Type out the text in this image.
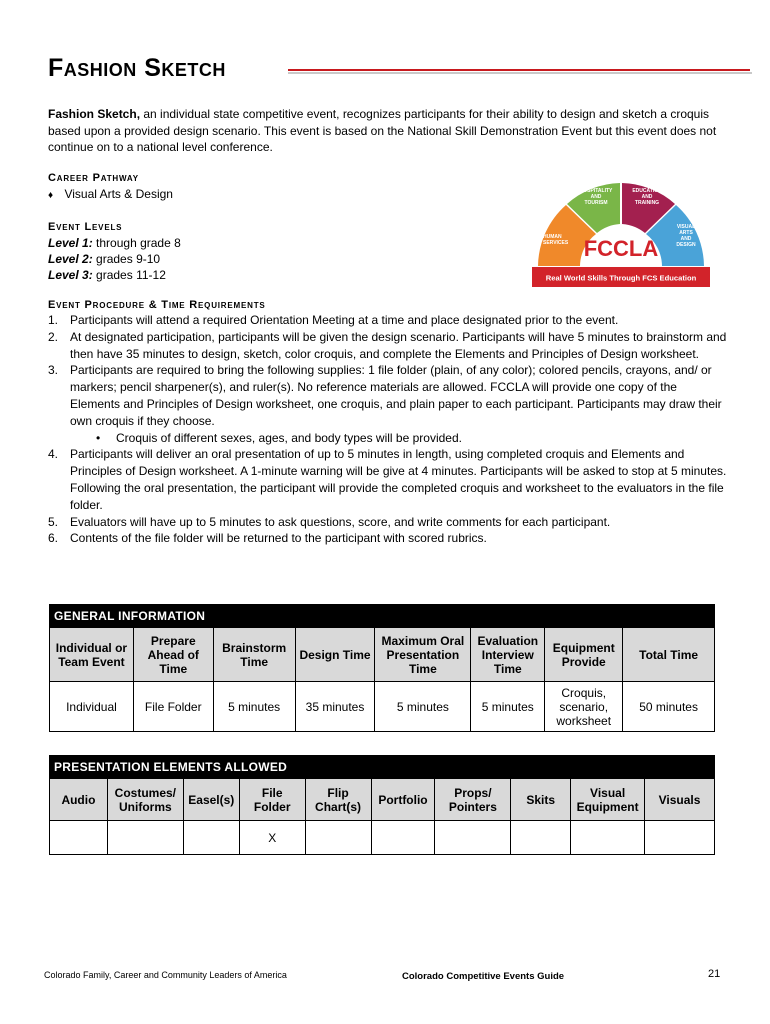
Fashion Sketch

Fashion Sketch, an individual state competitive event, recognizes participants for their ability to design and sketch a croquis based upon a provided design scenario. This event is based on the National Skill Demonstration Event but this event does not continue on to a national level conference.

Career Pathway
♦ Visual Arts & Design
Event Levels
Level 1: through grade 8
Level 2: grades 9-10
Level 3: grades 11-12
HUMAN SERVICES
HOSPITALITY AND TOURISM
EDUCATION AND TRAINING
VISUAL ARTS AND DESIGN
FCCLA
Real World Skills Through FCS Education
Event Procedure & Time Requirements
1. Participants will attend a required Orientation Meeting at a time and place designated prior to the event.
2. At designated participation, participants will be given the design scenario. Participants will have 5 minutes to brainstorm and then have 35 minutes to design, sketch, color croquis, and complete the Elements and Principles of Design worksheet.
3. Participants are required to bring the following supplies: 1 file folder (plain, of any color); colored pencils, crayons, and/ or markers; pencil sharpener(s), and ruler(s). No reference materials are allowed. FCCLA will provide one copy of the Elements and Principles of Design worksheet, one croquis, and plain paper to each participant. Participants may draw their own croquis if they choose.
• Croquis of different sexes, ages, and body types will be provided.
4. Participants will deliver an oral presentation of up to 5 minutes in length, using completed croquis and Elements and Principles of Design worksheet. A 1-minute warning will be give at 4 minutes. Participants will be asked to stop at 5 minutes. Following the oral presentation, the participant will provide the completed croquis and worksheet to the evaluators in the file folder.
5. Evaluators will have up to 5 minutes to ask questions, score, and write comments for each participant.
6. Contents of the file folder will be returned to the participant with scored rubrics.
GENERAL INFORMATION							
Individual or Team Event	Prepare Ahead of Time	Brainstorm Time	Design Time	Maximum Oral Presentation Time	Evaluation Interview Time	Equipment Provide	Total Time
Individual	File Folder	5 minutes	35 minutes	5 minutes	5 minutes	Croquis, scenario, worksheet	50 minutes
PRESENTATION ELEMENTS ALLOWED									
Audio	Costumes/ Uniforms	Easel(s)	File Folder	Flip Chart(s)	Portfolio	Props/ Pointers	Skits	Visual Equipment	Visuals
			X						
Colorado Family, Career and Community Leaders of America	Colorado Competitive Events Guide	21
